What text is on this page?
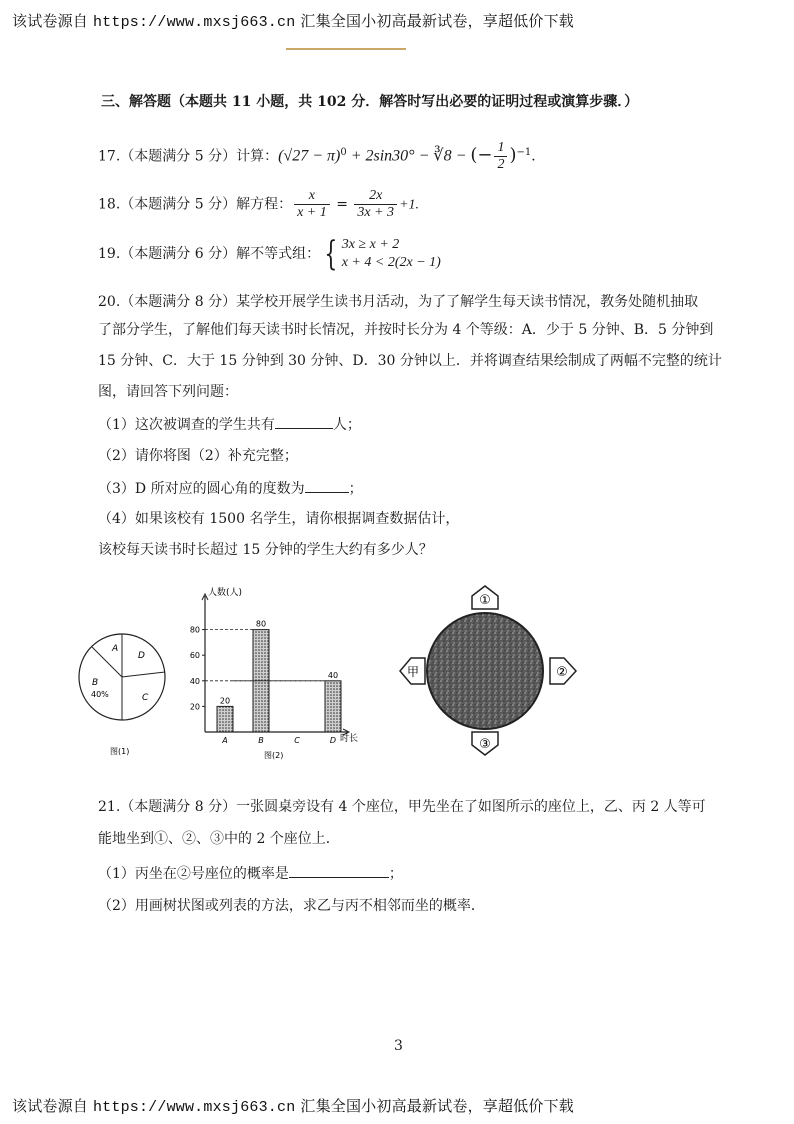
该试卷源自 https://www.mxsj663.cn 汇集全国小初高最新试卷，享超低价下载
三、解答题（本题共 11 小题，共 102 分．解答时写出必要的证明过程或演算步骤．）
17.（本题满分 5 分）计算：$(√27 - \pi)^0 + 2\sin 30^\circ$ − ∛8 − (− $\frac{1}{2} )^{-1}$．
18.（本题满分 5 分）解方程： $\frac{x}{x + 1} = \frac{2x}{3x + 3} +1$.
19.（本题满分 6 分）解不等式组： { 3x ≥ x + 2
x + 4 < 2(2x − 1)
20.（本题满分 8 分）某学校开展学生读书月活动，为了了解学生每天读书情况，教务处随机抽取
了部分学生，了解他们每天读书时长情况，并按时长分为 4 个等级：A．少于 5 分钟、B．5 分钟到
15 分钟、C．大于 15 分钟到 30 分钟、D．30 分钟以上．并将调查结果绘制成了两幅不完整的统计
图，请回答下列问题：
（1）这次被调查的学生共有	人；
（2）请你将图（2）补充完整；
（3）D 所对应的圆心角的度数为	；
（4）如果该校有 1500 名学生，请你根据调查数据估计，
该校每天读书时长超过 15 分钟的学生大约有多少人？
A
D
B
40%	C
图(1)
20
40
60
80
20
A
80
B	C
40
D
人数(人)
时长
图(2)
①
③
甲	②
21.（本题满分 8 分）一张圆桌旁设有 4 个座位，甲先坐在了如图所示的座位上，乙、丙 2 人等可
能地坐到①、②、③中的 2 个座位上．
（1）丙坐在②号座位的概率是	；
（2）用画树状图或列表的方法，求乙与丙不相邻而坐的概率．
3
该试卷源自 https://www.mxsj663.cn 汇集全国小初高最新试卷，享超低价下载
